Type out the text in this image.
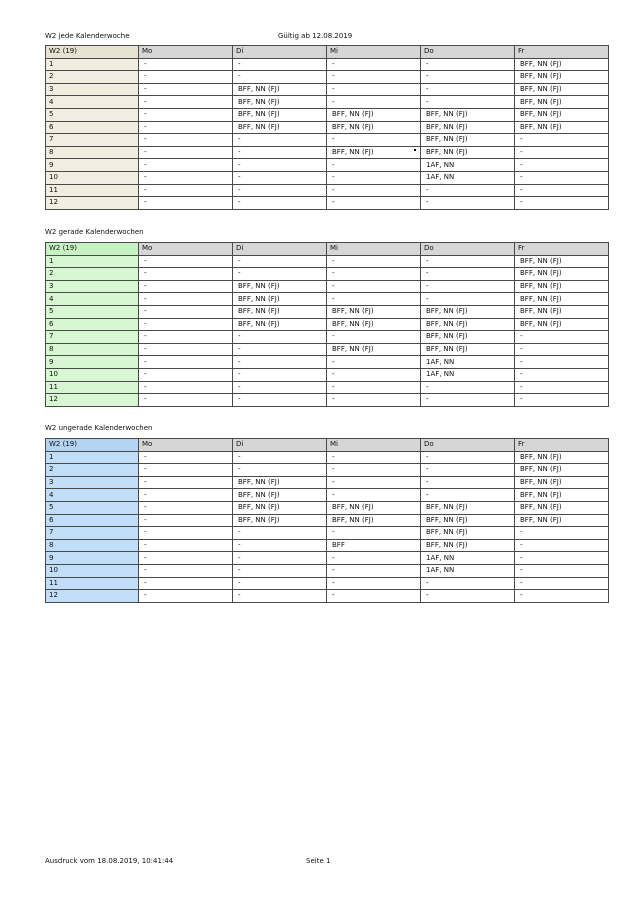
W2 jede Kalenderwoche	Gültig ab 12.08.2019
W2 (19)	Mo	Di	Mi	Do	Fr
1	-	-	-	-	BFF, NN (FJ)
2	-	-	-	-	BFF, NN (FJ)
3	-	BFF, NN (FJ)	-	-	BFF, NN (FJ)
4	-	BFF, NN (FJ)	-	-	BFF, NN (FJ)
5	-	BFF, NN (FJ)	BFF, NN (FJ)	BFF, NN (FJ)	BFF, NN (FJ)
6	-	BFF, NN (FJ)	BFF, NN (FJ)	BFF, NN (FJ)	BFF, NN (FJ)
7	-	-	-	BFF, NN (FJ)	-
8	-	-	BFF, NN (FJ)	BFF, NN (FJ)	-
9	-	-	-	1AF, NN	-
10	-	-	-	1AF, NN	-
11	-	-	-	-	-
12	-	-	-	-	-
W2 gerade Kalenderwochen
W2 (19)	Mo	Di	Mi	Do	Fr
1	-	-	-	-	BFF, NN (FJ)
2	-	-	-	-	BFF, NN (FJ)
3	-	BFF, NN (FJ)	-	-	BFF, NN (FJ)
4	-	BFF, NN (FJ)	-	-	BFF, NN (FJ)
5	-	BFF, NN (FJ)	BFF, NN (FJ)	BFF, NN (FJ)	BFF, NN (FJ)
6	-	BFF, NN (FJ)	BFF, NN (FJ)	BFF, NN (FJ)	BFF, NN (FJ)
7	-	-	-	BFF, NN (FJ)	-
8	-	-	BFF, NN (FJ)	BFF, NN (FJ)	-
9	-	-	-	1AF, NN	-
10	-	-	-	1AF, NN	-
11	-	-	-	-	-
12	-	-	-	-	-
W2 ungerade Kalenderwochen
W2 (19)	Mo	Di	Mi	Do	Fr
1	-	-	-	-	BFF, NN (FJ)
2	-	-	-	-	BFF, NN (FJ)
3	-	BFF, NN (FJ)	-	-	BFF, NN (FJ)
4	-	BFF, NN (FJ)	-	-	BFF, NN (FJ)
5	-	BFF, NN (FJ)	BFF, NN (FJ)	BFF, NN (FJ)	BFF, NN (FJ)
6	-	BFF, NN (FJ)	BFF, NN (FJ)	BFF, NN (FJ)	BFF, NN (FJ)
7	-	-	-	BFF, NN (FJ)	-
8	-	-	BFF	BFF, NN (FJ)	-
9	-	-	-	1AF, NN	-
10	-	-	-	1AF, NN	-
11	-	-	-	-	-
12	-	-	-	-	-
Ausdruck vom 18.08.2019, 10:41:44	Seite 1
